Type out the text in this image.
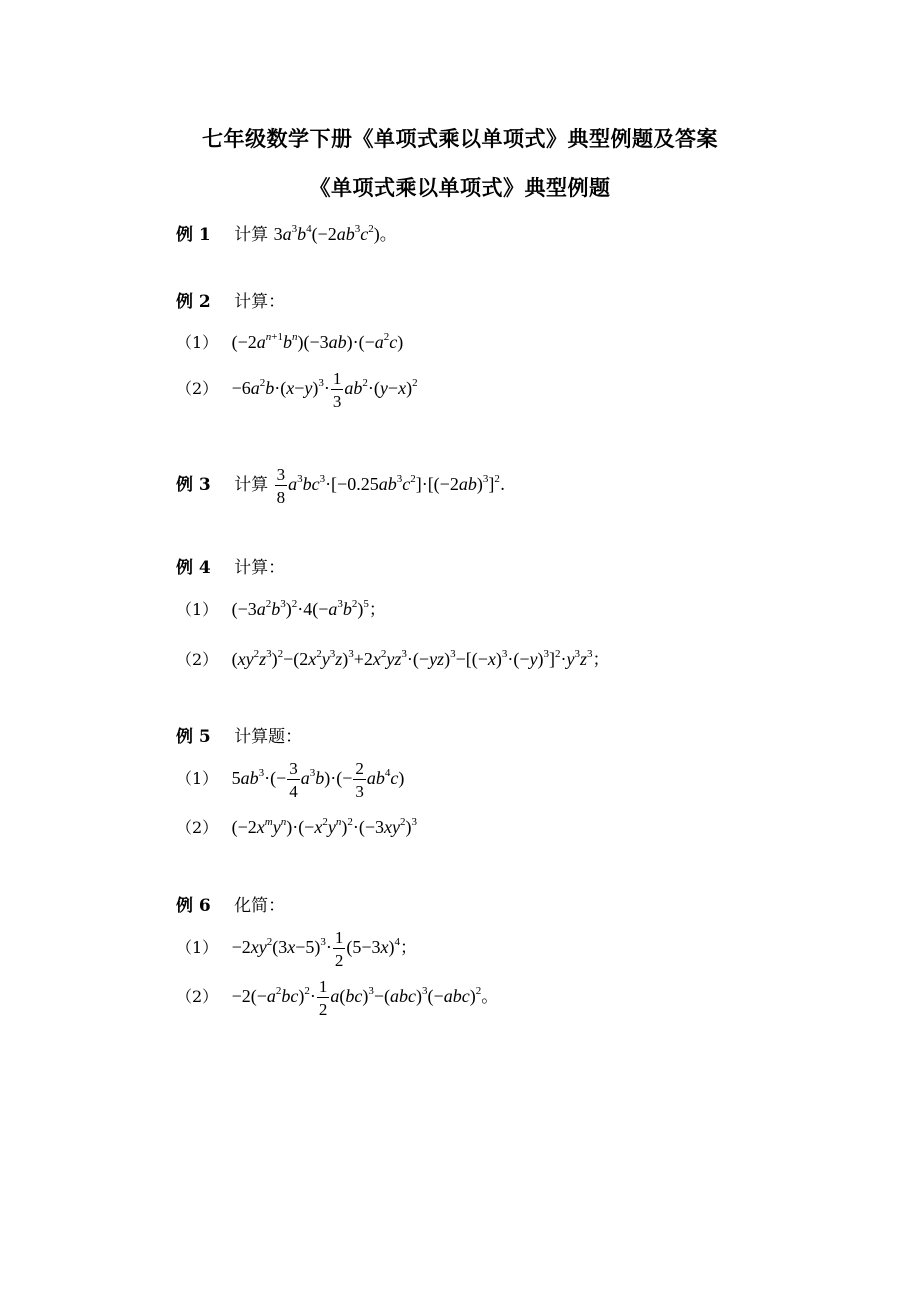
七年级数学下册《单项式乘以单项式》典型例题及答案
《单项式乘以单项式》典型例题
例 1 计算 $3a^3b^4(-2ab^3c^2)$。
例 2 计算：
（1） $(-2a^{n+1}b^n)(-3ab)\cdot(-a^2c)$
$(2) -6a^2b\cdot(x-y)^3\cdot \frac{1}{3} ab^2\cdot(y-x)^2$
例 3 计算 $\frac{3}{8} a^3bc^3\cdot[-0.25ab^3c^2]\cdot[(-2ab)^3]^2$.
例 4 计算：
（1） $(-3a^2b^3)^2\cdot 4(-a^3b^2)^5$；
（2） $(xy^2z^3)^2-(2x^2y^3z)^3+2x^2yz^3\cdot(-yz)^3-[(-x)^3\cdot(-y)^3]^2\cdot y^3z^3$；
例 5 计算题：
（1） $5ab^3\cdot(- \frac{3}{4} a^3b)\cdot(- \frac{2}{3} ab^4c)$
（2） $(-2x^my^n)\cdot(-x^2y^n)^2\cdot(-3xy^2)^3$
例 6 化简：
$(1) -2xy^2(3x-5)^3\cdot \frac{1}{2} (5-3x)^4$；
$(2) -2(-a^2bc)^2\cdot \frac{1}{2} a(bc)^3-(abc)^3(-abc)^2$。
